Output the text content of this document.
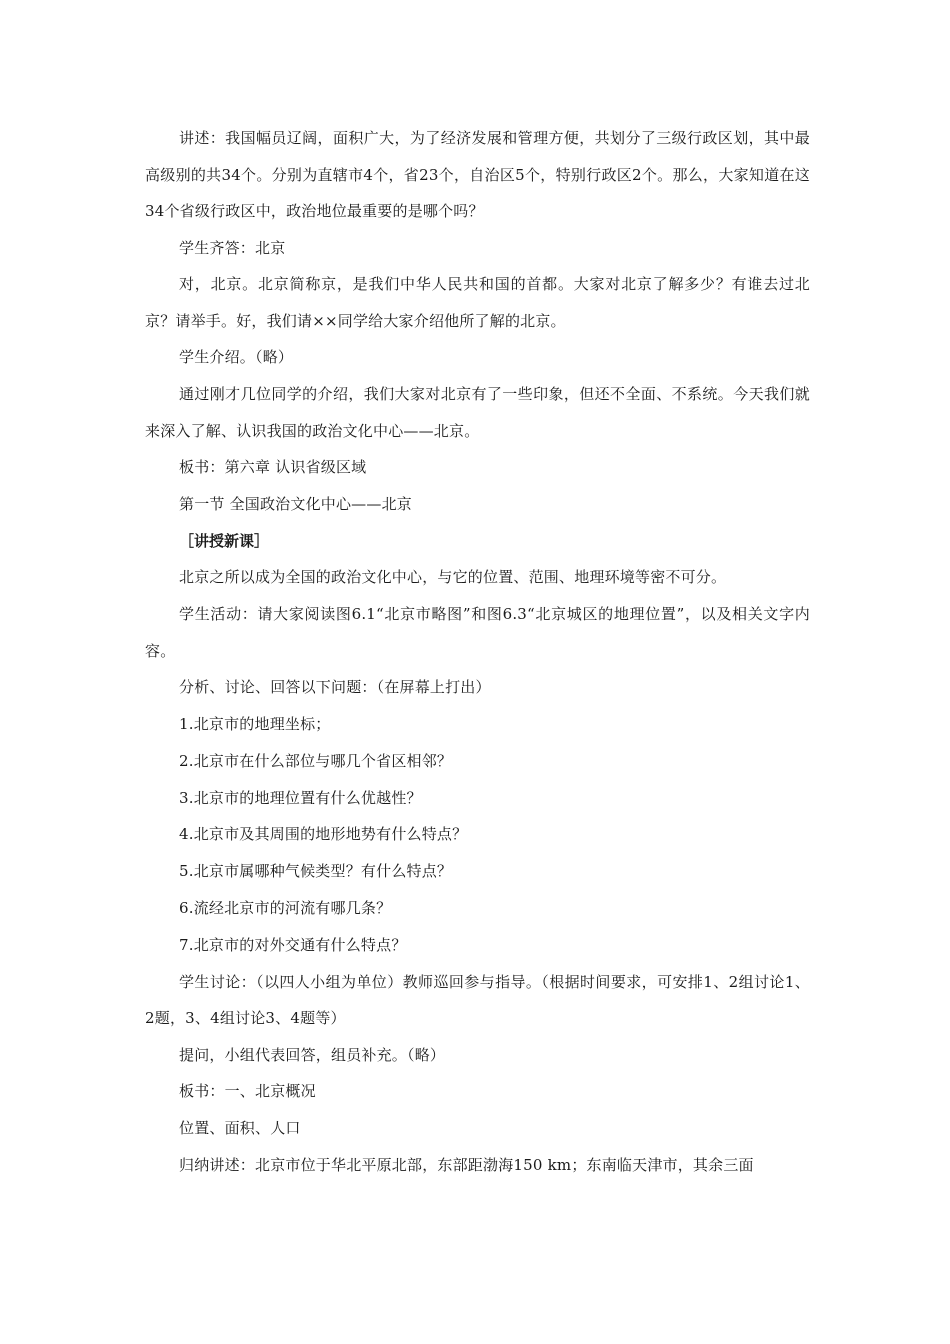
讲述：我国幅员辽阔，面积广大，为了经济发展和管理方便，共划分了三级行政区划，其中最高级别的共34个。分别为直辖市4个，省23个，自治区5个，特别行政区2个。那么，大家知道在这34个省级行政区中，政治地位最重要的是哪个吗？

学生齐答：北京

对，北京。北京简称京，是我们中华人民共和国的首都。大家对北京了解多少？有谁去过北京？请举手。好，我们请××同学给大家介绍他所了解的北京。

学生介绍。（略）

通过刚才几位同学的介绍，我们大家对北京有了一些印象，但还不全面、不系统。今天我们就来深入了解、认识我国的政治文化中心——北京。

板书：第六章 认识省级区域

第一节 全国政治文化中心——北京

［讲授新课］

北京之所以成为全国的政治文化中心，与它的位置、范围、地理环境等密不可分。

学生活动：请大家阅读图6.1“北京市略图”和图6.3“北京城区的地理位置”，以及相关文字内容。

分析、讨论、回答以下问题：（在屏幕上打出）

1.北京市的地理坐标；

2.北京市在什么部位与哪几个省区相邻？

3.北京市的地理位置有什么优越性？

4.北京市及其周围的地形地势有什么特点？

5.北京市属哪种气候类型？有什么特点？

6.流经北京市的河流有哪几条？

7.北京市的对外交通有什么特点？

学生讨论：（以四人小组为单位）教师巡回参与指导。（根据时间要求，可安排1、2组讨论1、2题，3、4组讨论3、4题等）

提问，小组代表回答，组员补充。（略）

板书：一、北京概况

位置、面积、人口

归纳讲述：北京市位于华北平原北部，东部距渤海150 km；东南临天津市，其余三面
